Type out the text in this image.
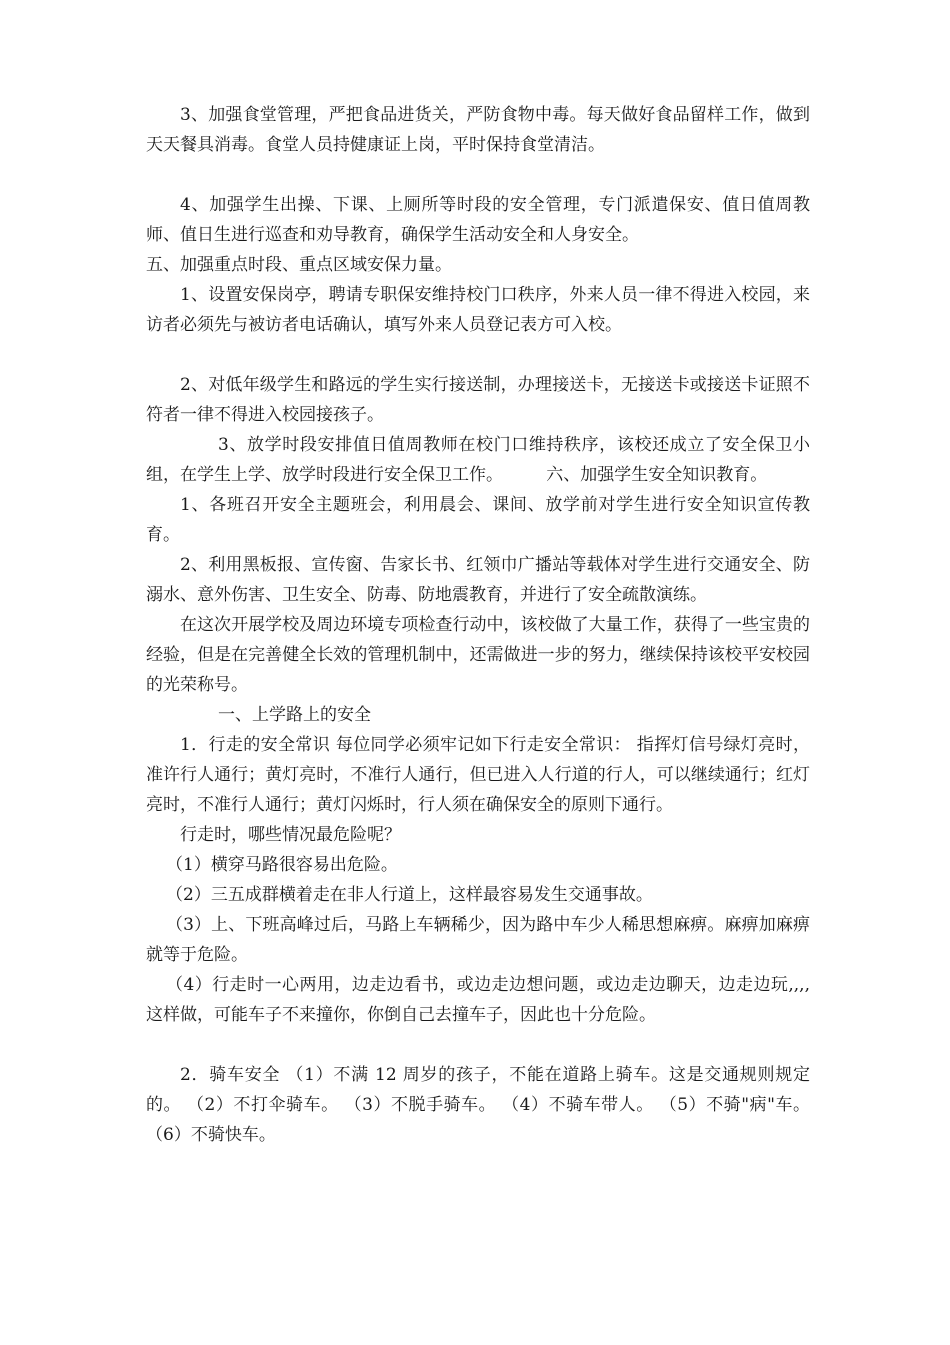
3、加强食堂管理，严把食品进货关，严防食物中毒。每天做好食品留样工作，做到天天餐具消毒。食堂人员持健康证上岗，平时保持食堂清洁。

4、加强学生出操、下课、上厕所等时段的安全管理，专门派遣保安、值日值周教师、值日生进行巡查和劝导教育，确保学生活动安全和人身安全。

五、加强重点时段、重点区域安保力量。

1、设置安保岗亭，聘请专职保安维持校门口秩序，外来人员一律不得进入校园，来访者必须先与被访者电话确认，填写外来人员登记表方可入校。

2、对低年级学生和路远的学生实行接送制，办理接送卡，无接送卡或接送卡证照不符者一律不得进入校园接孩子。

3、放学时段安排值日值周教师在校门口维持秩序，该校还成立了安全保卫小组，在学生上学、放学时段进行安全保卫工作。        六、加强学生安全知识教育。

1、各班召开安全主题班会，利用晨会、课间、放学前对学生进行安全知识宣传教育。

2、利用黑板报、宣传窗、告家长书、红领巾广播站等载体对学生进行交通安全、防溺水、意外伤害、卫生安全、防毒、防地震教育，并进行了安全疏散演练。

在这次开展学校及周边环境专项检查行动中，该校做了大量工作，获得了一些宝贵的经验，但是在完善健全长效的管理机制中，还需做进一步的努力，继续保持该校平安校园的光荣称号。

一、上学路上的安全

1．行走的安全常识 每位同学必须牢记如下行走安全常识： 指挥灯信号绿灯亮时，准许行人通行；黄灯亮时，不准行人通行，但已进入人行道的行人，可以继续通行；红灯亮时，不准行人通行；黄灯闪烁时，行人须在确保安全的原则下通行。

行走时，哪些情况最危险呢？

（1）横穿马路很容易出危险。

（2）三五成群横着走在非人行道上，这样最容易发生交通事故。

（3）上、下班高峰过后，马路上车辆稀少，因为路中车少人稀思想麻痹。麻痹加麻痹就等于危险。

（4）行走时一心两用，边走边看书，或边走边想问题，或边走边聊天，边走边玩,,,,这样做，可能车子不来撞你，你倒自己去撞车子，因此也十分危险。

2．骑车安全 （1）不满 12 周岁的孩子，不能在道路上骑车。这是交通规则规定的。 （2）不打伞骑车。 （3）不脱手骑车。 （4）不骑车带人。 （5）不骑"病"车。 （6）不骑快车。
